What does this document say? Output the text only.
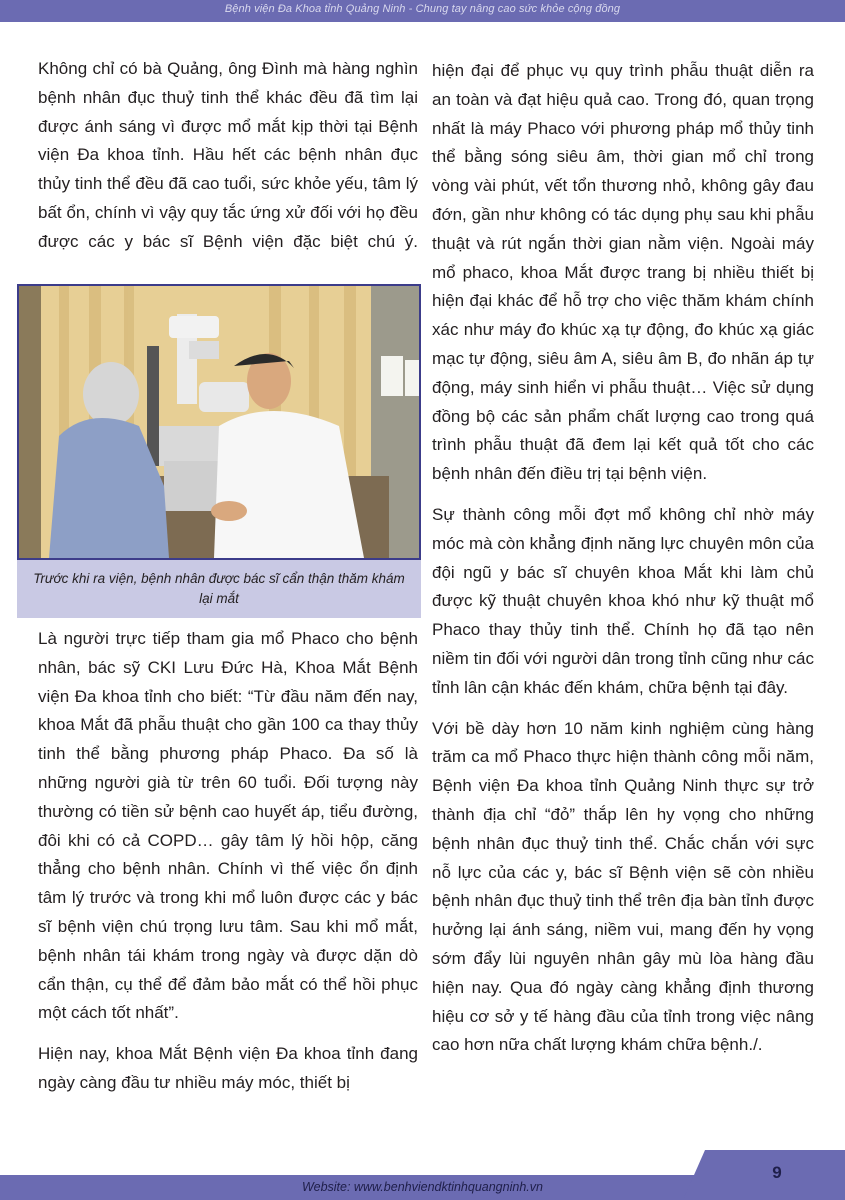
Bệnh viện Đa Khoa tỉnh Quảng Ninh - Chung tay nâng cao sức khỏe cộng đồng

Không chỉ có bà Quảng, ông Đình mà hàng nghìn bệnh nhân đục thuỷ tinh thể khác đều đã tìm lại được ánh sáng vì được mổ mắt kịp thời tại Bệnh viện Đa khoa tỉnh. Hầu hết các bệnh nhân đục thủy tinh thể đều đã cao tuổi, sức khỏe yếu, tâm lý bất ổn, chính vì vậy quy tắc ứng xử đối với họ đều được các y bác sĩ Bệnh viện đặc biệt chú ý.

Trước khi ra viện, bệnh nhân được bác sĩ cẩn thận thăm khám lại mắt

Là người trực tiếp tham gia mổ Phaco cho bệnh nhân, bác sỹ CKI Lưu Đức Hà, Khoa Mắt Bệnh viện Đa khoa tỉnh cho biết: “Từ đầu năm đến nay, khoa Mắt đã phẫu thuật cho gần 100 ca thay thủy tinh thể bằng phương pháp Phaco. Đa số là những người già từ trên 60 tuổi. Đối tượng này thường có tiền sử bệnh cao huyết áp, tiểu đường, đôi khi có cả COPD… gây tâm lý hồi hộp, căng thẳng cho bệnh nhân. Chính vì thế việc ổn định tâm lý trước và trong khi mổ luôn được các y bác sĩ bệnh viện chú trọng lưu tâm. Sau khi mổ mắt, bệnh nhân tái khám trong ngày và được dặn dò cẩn thận, cụ thể để đảm bảo mắt có thể hồi phục một cách tốt nhất”.

Hiện nay, khoa Mắt Bệnh viện Đa khoa tỉnh đang ngày càng đầu tư nhiều máy móc, thiết bị

hiện đại để phục vụ quy trình phẫu thuật diễn ra an toàn và đạt hiệu quả cao. Trong đó, quan trọng nhất là máy Phaco với phương pháp mổ thủy tinh thể bằng sóng siêu âm, thời gian mổ chỉ trong vòng vài phút, vết tổn thương nhỏ, không gây đau đớn, gần như không có tác dụng phụ sau khi phẫu thuật và rút ngắn thời gian nằm viện. Ngoài máy mổ phaco, khoa Mắt được trang bị nhiều thiết bị hiện đại khác để hỗ trợ cho việc thăm khám chính xác như máy đo khúc xạ tự động, đo khúc xạ giác mạc tự động, siêu âm A, siêu âm B, đo nhãn áp tự động, máy sinh hiển vi phẫu thuật… Việc sử dụng đồng bộ các sản phẩm chất lượng cao trong quá trình phẫu thuật đã đem lại kết quả tốt cho các bệnh nhân đến điều trị tại bệnh viện.

Sự thành công mỗi đợt mổ không chỉ nhờ máy móc mà còn khẳng định năng lực chuyên môn của đội ngũ y bác sĩ chuyên khoa Mắt khi làm chủ được kỹ thuật chuyên khoa khó như kỹ thuật mổ Phaco thay thủy tinh thể. Chính họ đã tạo nên niềm tin đối với người dân trong tỉnh cũng như các tỉnh lân cận khác đến khám, chữa bệnh tại đây.

Với bề dày hơn 10 năm kinh nghiệm cùng hàng trăm ca mổ Phaco thực hiện thành công mỗi năm, Bệnh viện Đa khoa tỉnh Quảng Ninh thực sự trở thành địa chỉ “đỏ” thắp lên hy vọng cho những bệnh nhân đục thuỷ tinh thể. Chắc chắn với sực nỗ lực của các y, bác sĩ Bệnh viện sẽ còn nhiều bệnh nhân đục thuỷ tinh thể trên địa bàn tỉnh được hưởng lại ánh sáng, niềm vui, mang đến hy vọng sớm đẩy lùi nguyên nhân gây mù lòa hàng đầu hiện nay. Qua đó ngày càng khẳng định thương hiệu cơ sở y tế hàng đầu của tỉnh trong việc nâng cao hơn nữa chất lượng khám chữa bệnh./.

Website: www.benhviendktinhquangninh.vn
9
